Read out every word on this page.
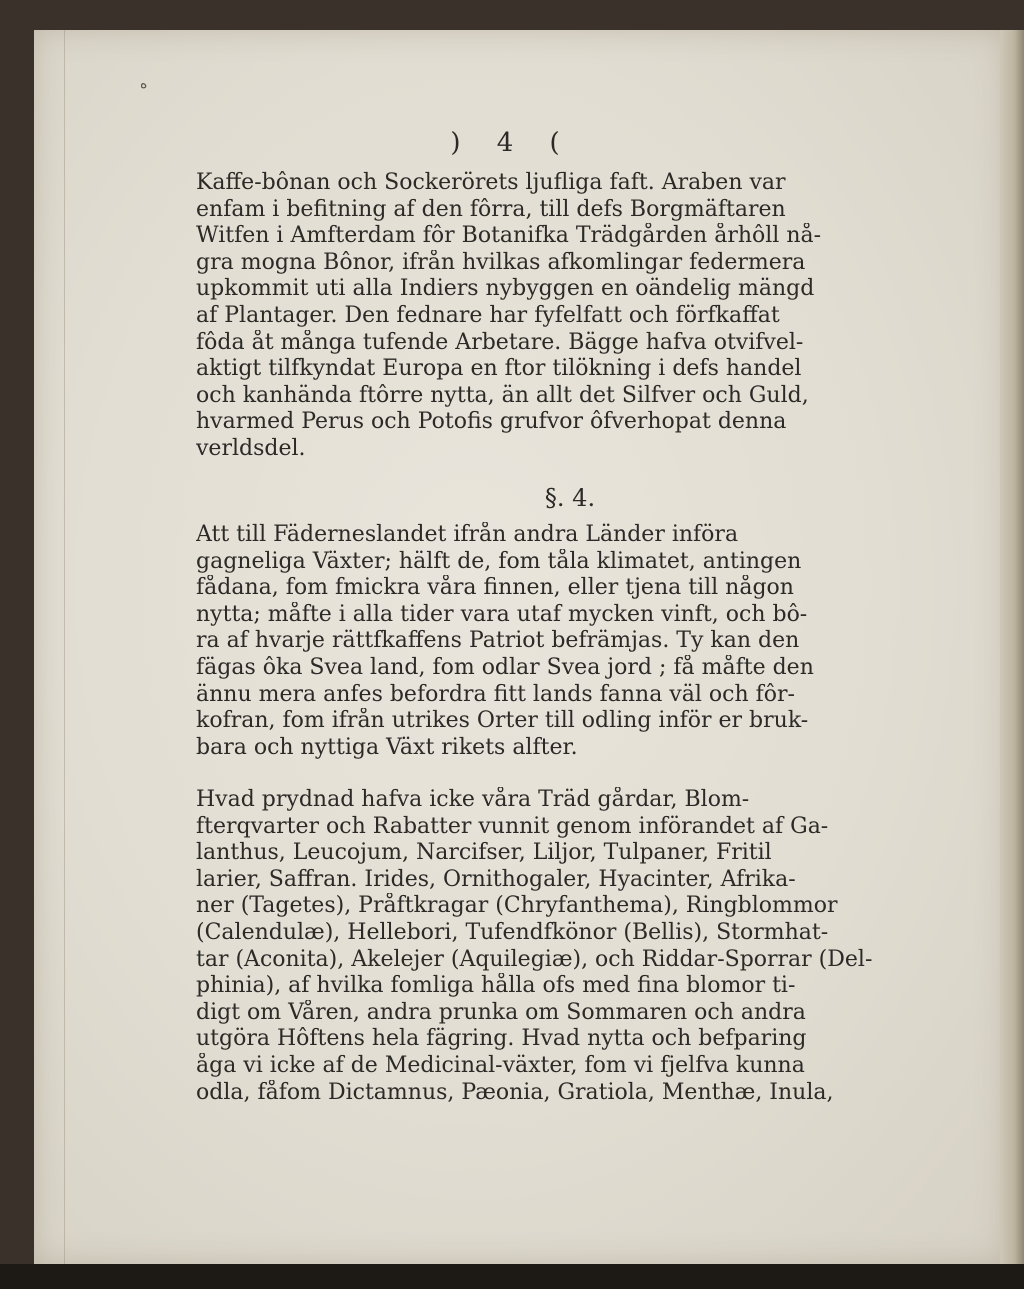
ه
) 4 (

Kaffe-bônan och Sockerörets ljufliga faft. Araben var
enfam i befitning af den fôrra, till defs Borgmäftaren
Witfen i Amfterdam fôr Botanifka Trädgården århôll nå-
gra mogna Bônor, ifrån hvilkas afkomlingar federmera
upkommit uti alla Indiers nybyggen en oändelig mängd
af Plantager. Den fednare har fyfelfatt och förfkaffat
fôda åt många tufende Arbetare. Bägge hafva otvifvel-
aktigt tilfkyndat Europa en ftor tilökning i defs handel
och kanhända ftôrre nytta, än allt det Silfver och Guld,
hvarmed Perus och Potofis grufvor ôfverhopat denna
verldsdel.

§. 4.

Att till Fäderneslandet ifrån andra Länder införa
gagneliga Växter; hälft de, fom tåla klimatet, antingen
fådana, fom fmickra våra finnen, eller tjena till någon
nytta; måfte i alla tider vara utaf mycken vinft, och bô-
ra af hvarje rättfkaffens Patriot befrämjas. Ty kan den
fägas ôka Svea land, fom odlar Svea jord ; få måfte den
ännu mera anfes befordra fitt lands fanna väl och fôr-
kofran, fom ifrån utrikes Orter till odling inför er bruk-
bara och nyttiga Växt rikets alfter.

Hvad prydnad hafva icke våra Träd gårdar, Blom-
fterqvarter och Rabatter vunnit genom införandet af Ga-
lanthus, Leucojum, Narcifser, Liljor, Tulpaner, Fritil
larier, Saffran. Irides, Ornithogaler, Hyacinter, Afrika-
ner (Tagetes), Pråftkragar (Chryfanthema), Ringblommor
(Calendulæ), Hellebori, Tufendfkönor (Bellis), Stormhat-
tar (Aconita), Akelejer (Aquilegiæ), och Riddar-Sporrar (Del-
phinia), af hvilka fomliga hålla ofs med fina blomor ti-
digt om Våren, andra prunka om Sommaren och andra
utgöra Hôftens hela fägring. Hvad nytta och befparing
åga vi icke af de Medicinal-växter, fom vi fjelfva kunna
odla, fåfom Dictamnus, Pæonia, Gratiola, Menthæ, Inula,
